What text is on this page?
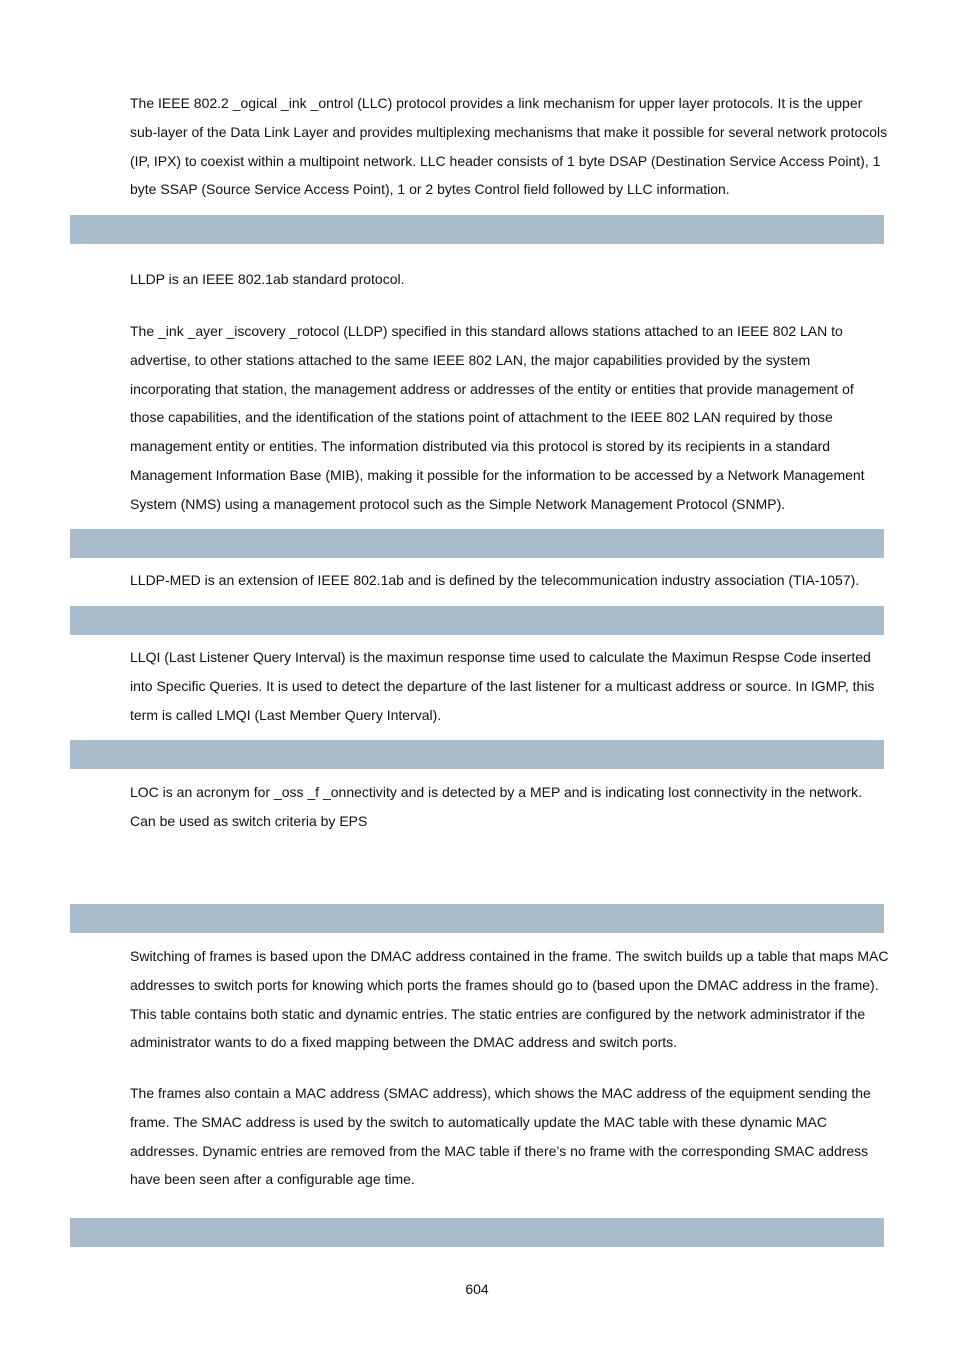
The IEEE 802.2 _ogical _ink _ontrol (LLC) protocol provides a link mechanism for upper layer protocols. It is the upper sub-layer of the Data Link Layer and provides multiplexing mechanisms that make it possible for several network protocols (IP, IPX) to coexist within a multipoint network. LLC header consists of 1 byte DSAP (Destination Service Access Point), 1 byte SSAP (Source Service Access Point), 1 or 2 bytes Control field followed by LLC information.

LLDP is an IEEE 802.1ab standard protocol.

The _ink _ayer _iscovery _rotocol (LLDP) specified in this standard allows stations attached to an IEEE 802 LAN to advertise, to other stations attached to the same IEEE 802 LAN, the major capabilities provided by the system incorporating that station, the management address or addresses of the entity or entities that provide management of those capabilities, and the identification of the stations point of attachment to the IEEE 802 LAN required by those management entity or entities. The information distributed via this protocol is stored by its recipients in a standard Management Information Base (MIB), making it possible for the information to be accessed by a Network Management System (NMS) using a management protocol such as the Simple Network Management Protocol (SNMP).

LLDP-MED is an extension of IEEE 802.1ab and is defined by the telecommunication industry association (TIA-1057).

LLQI (Last Listener Query Interval) is the maximun response time used to calculate the Maximun Respse Code inserted into Specific Queries. It is used to detect the departure of the last listener for a multicast address or source. In IGMP, this term is called LMQI (Last Member Query Interval).

LOC is an acronym for _oss _f _onnectivity and is detected by a MEP and is indicating lost connectivity in the network. Can be used as switch criteria by EPS

Switching of frames is based upon the DMAC address contained in the frame. The switch builds up a table that maps MAC addresses to switch ports for knowing which ports the frames should go to (based upon the DMAC address in the frame). This table contains both static and dynamic entries. The static entries are configured by the network administrator if the administrator wants to do a fixed mapping between the DMAC address and switch ports.

The frames also contain a MAC address (SMAC address), which shows the MAC address of the equipment sending the frame. The SMAC address is used by the switch to automatically update the MAC table with these dynamic MAC addresses. Dynamic entries are removed from the MAC table if there’s no frame with the corresponding SMAC address have been seen after a configurable age time.

604
